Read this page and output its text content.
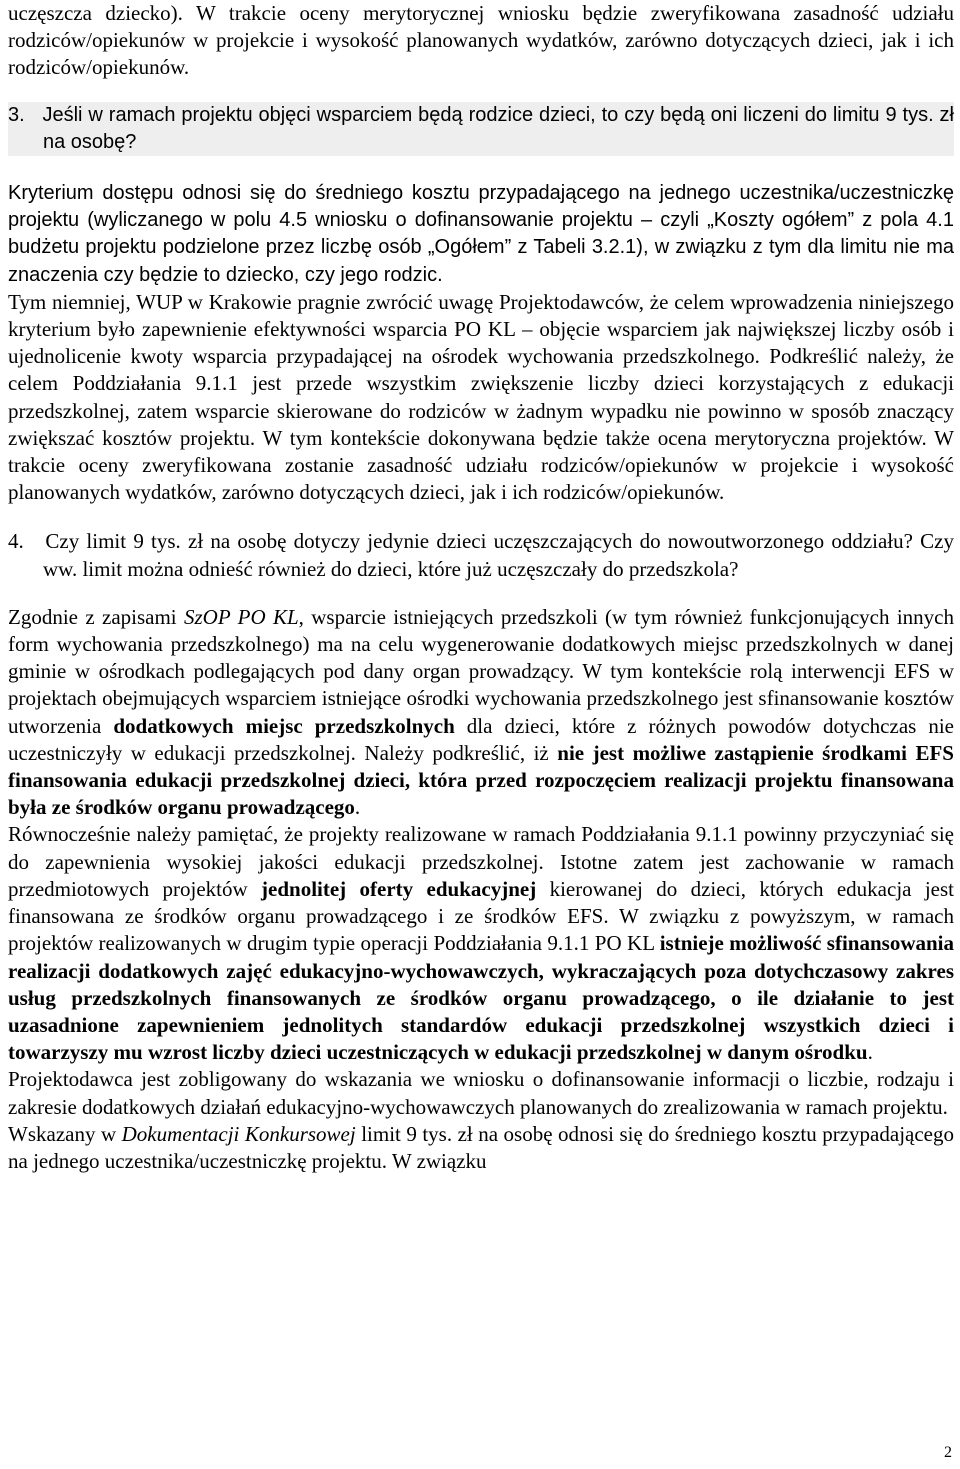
uczęszcza dziecko). W trakcie oceny merytorycznej wniosku będzie zweryfikowana zasadność udziału rodziców/opiekunów w projekcie i wysokość planowanych wydatków, zarówno dotyczących dzieci, jak i ich rodziców/opiekunów.

3. Jeśli w ramach projektu objęci wsparciem będą rodzice dzieci, to czy będą oni liczeni do limitu 9 tys. zł na osobę?

Kryterium dostępu odnosi się do średniego kosztu przypadającego na jednego uczestnika/uczestniczkę projektu (wyliczanego w polu 4.5 wniosku o dofinansowanie projektu – czyli „Koszty ogółem” z pola 4.1 budżetu projektu podzielone przez liczbę osób „Ogółem” z Tabeli 3.2.1), w związku z tym dla limitu nie ma znaczenia czy będzie to dziecko, czy jego rodzic.

Tym niemniej, WUP w Krakowie pragnie zwrócić uwagę Projektodawców, że celem wprowadzenia niniejszego kryterium było zapewnienie efektywności wsparcia PO KL – objęcie wsparciem jak największej liczby osób i ujednolicenie kwoty wsparcia przypadającej na ośrodek wychowania przedszkolnego. Podkreślić należy, że celem Poddziałania 9.1.1 jest przede wszystkim zwiększenie liczby dzieci korzystających z edukacji przedszkolnej, zatem wsparcie skierowane do rodziców w żadnym wypadku nie powinno w sposób znaczący zwiększać kosztów projektu. W tym kontekście dokonywana będzie także ocena merytoryczna projektów. W trakcie oceny zweryfikowana zostanie zasadność udziału rodziców/opiekunów w projekcie i wysokość planowanych wydatków, zarówno dotyczących dzieci, jak i ich rodziców/opiekunów.

4. Czy limit 9 tys. zł na osobę dotyczy jedynie dzieci uczęszczających do nowoutworzonego oddziału? Czy ww. limit można odnieść również do dzieci, które już uczęszczały do przedszkola?

Zgodnie z zapisami SzOP PO KL, wsparcie istniejących przedszkoli (w tym również funkcjonujących innych form wychowania przedszkolnego) ma na celu wygenerowanie dodatkowych miejsc przedszkolnych w danej gminie w ośrodkach podlegających pod dany organ prowadzący. W tym kontekście rolą interwencji EFS w projektach obejmujących wsparciem istniejące ośrodki wychowania przedszkolnego jest sfinansowanie kosztów utworzenia dodatkowych miejsc przedszkolnych dla dzieci, które z różnych powodów dotychczas nie uczestniczyły w edukacji przedszkolnej. Należy podkreślić, iż nie jest możliwe zastąpienie środkami EFS finansowania edukacji przedszkolnej dzieci, która przed rozpoczęciem realizacji projektu finansowana była ze środków organu prowadzącego.

Równocześnie należy pamiętać, że projekty realizowane w ramach Poddziałania 9.1.1 powinny przyczyniać się do zapewnienia wysokiej jakości edukacji przedszkolnej. Istotne zatem jest zachowanie w ramach przedmiotowych projektów jednolitej oferty edukacyjnej kierowanej do dzieci, których edukacja jest finansowana ze środków organu prowadzącego i ze środków EFS. W związku z powyższym, w ramach projektów realizowanych w drugim typie operacji Poddziałania 9.1.1 PO KL istnieje możliwość sfinansowania realizacji dodatkowych zajęć edukacyjno-wychowawczych, wykraczających poza dotychczasowy zakres usług przedszkolnych finansowanych ze środków organu prowadzącego, o ile działanie to jest uzasadnione zapewnieniem jednolitych standardów edukacji przedszkolnej wszystkich dzieci i towarzyszy mu wzrost liczby dzieci uczestniczących w edukacji przedszkolnej w danym ośrodku.

Projektodawca jest zobligowany do wskazania we wniosku o dofinansowanie informacji o liczbie, rodzaju i zakresie dodatkowych działań edukacyjno-wychowawczych planowanych do zrealizowania w ramach projektu.

Wskazany w Dokumentacji Konkursowej limit 9 tys. zł na osobę odnosi się do średniego kosztu przypadającego na jednego uczestnika/uczestniczkę projektu. W związku

2
